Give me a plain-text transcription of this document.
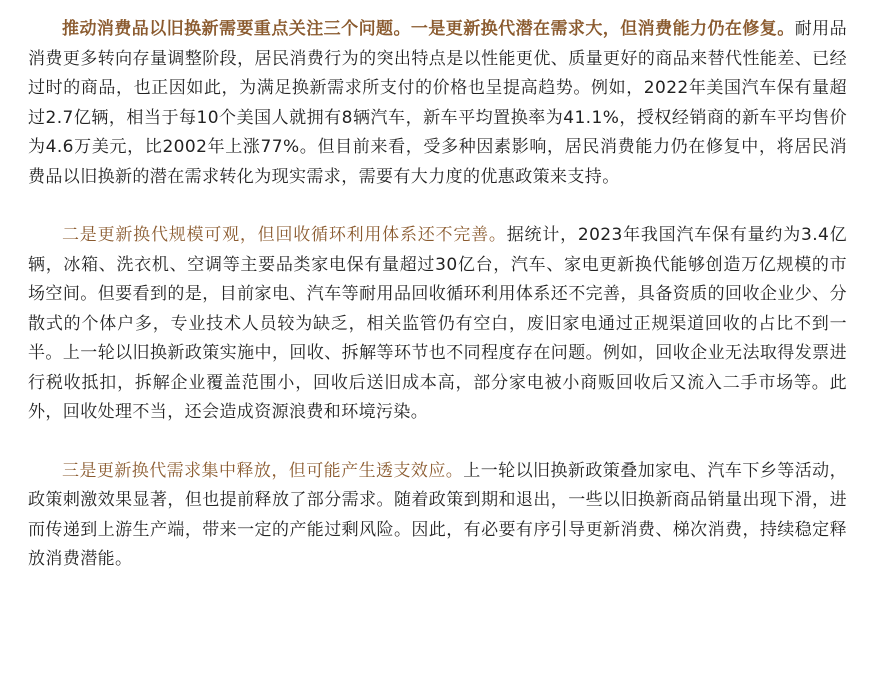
推动消费品以旧换新需要重点关注三个问题。一是更新换代潜在需求大，但消费能力仍在修复。耐用品消费更多转向存量调整阶段，居民消费行为的突出特点是以性能更优、质量更好的商品来替代性能差、已经过时的商品，也正因如此，为满足换新需求所支付的价格也呈提高趋势。例如，2022年美国汽车保有量超过2.7亿辆，相当于每10个美国人就拥有8辆汽车，新车平均置换率为41.1%，授权经销商的新车平均售价为4.6万美元，比2002年上涨77%。但目前来看，受多种因素影响，居民消费能力仍在修复中，将居民消费品以旧换新的潜在需求转化为现实需求，需要有大力度的优惠政策来支持。

二是更新换代规模可观，但回收循环利用体系还不完善。据统计，2023年我国汽车保有量约为3.4亿辆，冰箱、洗衣机、空调等主要品类家电保有量超过30亿台，汽车、家电更新换代能够创造万亿规模的市场空间。但要看到的是，目前家电、汽车等耐用品回收循环利用体系还不完善，具备资质的回收企业少、分散式的个体户多，专业技术人员较为缺乏，相关监管仍有空白，废旧家电通过正规渠道回收的占比不到一半。上一轮以旧换新政策实施中，回收、拆解等环节也不同程度存在问题。例如，回收企业无法取得发票进行税收抵扣，拆解企业覆盖范围小，回收后送旧成本高，部分家电被小商贩回收后又流入二手市场等。此外，回收处理不当，还会造成资源浪费和环境污染。

三是更新换代需求集中释放，但可能产生透支效应。上一轮以旧换新政策叠加家电、汽车下乡等活动，政策刺激效果显著，但也提前释放了部分需求。随着政策到期和退出，一些以旧换新商品销量出现下滑，进而传递到上游生产端，带来一定的产能过剩风险。因此，有必要有序引导更新消费、梯次消费，持续稳定释放消费潜能。
